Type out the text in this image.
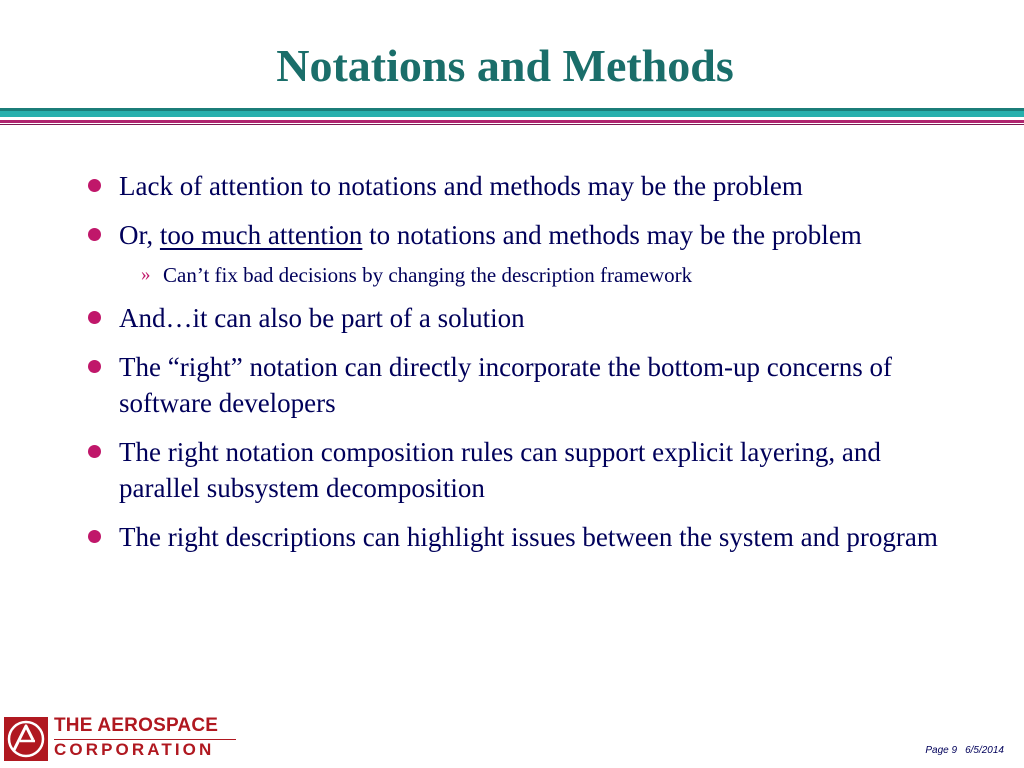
Notations and Methods
Lack of attention to notations and methods may be the problem
Or, too much attention to notations and methods may be the problem
» Can’t fix bad decisions by changing the description framework
And…it can also be part of a solution
The “right” notation can directly incorporate the bottom-up concerns of software developers
The right notation composition rules can support explicit layering, and parallel subsystem decomposition
The right descriptions can highlight issues between the system and program
THE AEROSPACE
CORPORATION	Page 9 6/5/2014
